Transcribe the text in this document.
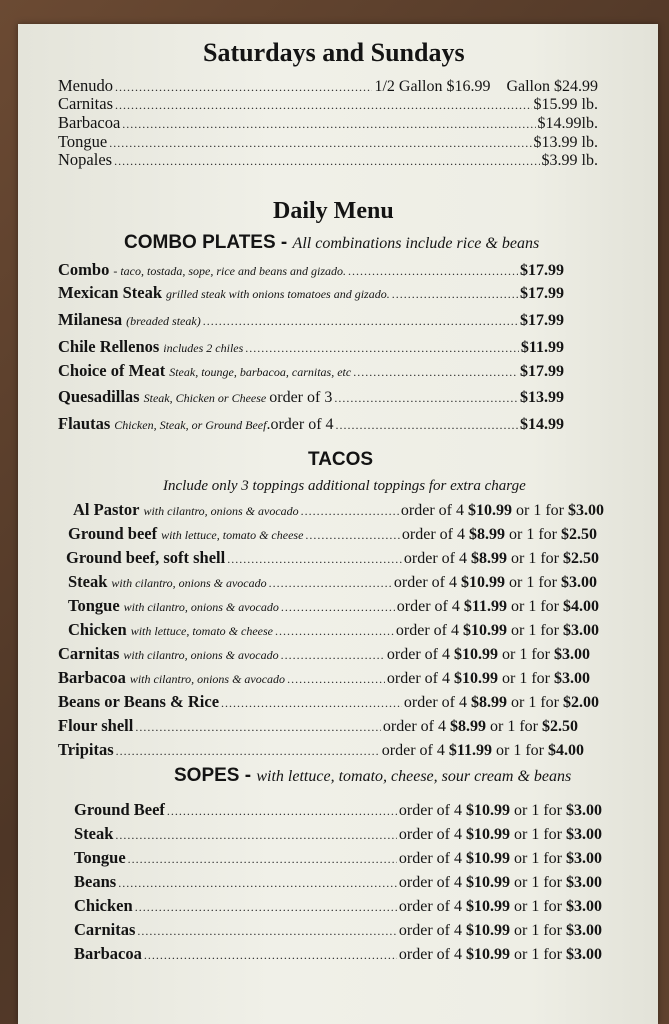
Saturdays and Sundays
Menudo .....	1/2 Gallon $16.99 Gallon $24.99
Carnitas .....	$15.99 lb.
Barbacoa .....	$14.99lb.
Tongue .....	$13.99 lb.
Nopales .....	$3.99 lb.
Daily Menu
COMBO PLATES - All combinations include rice & beans
Combo - taco, tostada, sope, rice and beans and gizado. .....	$17.99
Mexican Steak grilled steak with onions tomatoes and gizado. .....	$17.99
Milanesa (breaded steak) .....	$17.99
Chile Rellenos includes 2 chiles .....	$11.99
Choice of Meat Steak, tounge, barbacoa, carnitas, etc .....	$17.99
Quesadillas Steak, Chicken or Cheese order of 3 .....	$13.99
Flautas Chicken, Steak, or Ground Beef .order of 4 .....	$14.99
TACOS
Include only 3 toppings additional toppings for extra charge
Al Pastor with cilantro, onions & avocado .....	order of 4 $10.99 or 1 for $3.00
Ground beef with lettuce, tomato & cheese .....	order of 4 $8.99 or 1 for $2.50
Ground beef, soft shell .....	order of 4 $8.99 or 1 for $2.50
Steak with cilantro, onions & avocado .....	order of 4 $10.99 or 1 for $3.00
Tongue with cilantro, onions & avocado .....	order of 4 $11.99 or 1 for $4.00
Chicken with lettuce, tomato & cheese .....	order of 4 $10.99 or 1 for $3.00
Carnitas with cilantro, onions & avocado .....	order of 4 $10.99 or 1 for $3.00
Barbacoa with cilantro, onions & avocado .....	order of 4 $10.99 or 1 for $3.00
Beans or Beans & Rice .....	order of 4 $8.99 or 1 for $2.00
Flour shell .....	order of 4 $8.99 or 1 for $2.50
Tripitas .....	order of 4 $11.99 or 1 for $4.00
SOPES - with lettuce, tomato, cheese, sour cream & beans
Ground Beef .....	order of 4 $10.99 or 1 for $3.00
Steak .....	order of 4 $10.99 or 1 for $3.00
Tongue .....	order of 4 $10.99 or 1 for $3.00
Beans .....	order of 4 $10.99 or 1 for $3.00
Chicken .....	order of 4 $10.99 or 1 for $3.00
Carnitas .....	order of 4 $10.99 or 1 for $3.00
Barbacoa .....	order of 4 $10.99 or 1 for $3.00
